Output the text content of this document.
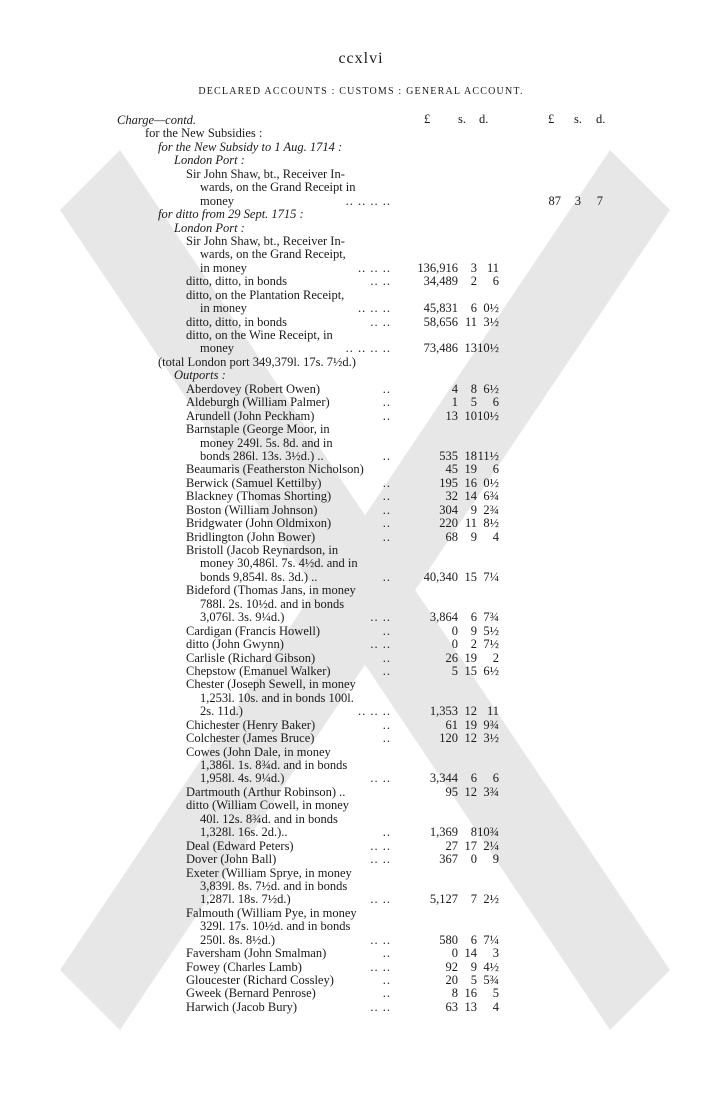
ccxlvi
DECLARED ACCOUNTS : CUSTOMS : GENERAL ACCOUNT.
£ s. d.	£ s. d.
Charge—contd.
for the New Subsidies :
for the New Subsidy to 1 Aug. 1714 :
London Port :
Sir John Shaw, bt., Receiver In-
wards, on the Grand Receipt in
money	.. .. .. ..	87 3 7
for ditto from 29 Sept. 1715 :
London Port :
Sir John Shaw, bt., Receiver In-
wards, on the Grand Receipt,
in money	.. .. .. 136,916 3 11
ditto, ditto, in bonds	.. ..	34,489 2 6
ditto, on the Plantation Receipt,
in money	.. .. ..	45,831 6 0½
ditto, ditto, in bonds	.. ..	58,656 11 3½
ditto, on the Wine Receipt, in
money	.. .. .. ..	73,486 13 10½
(total London port 349,379l. 17s. 7½d.)
Outports :
Aberdovey (Robert Owen)	..	4 8 6½
Aldeburgh (William Palmer)	..	1 5 6
Arundell (John Peckham)	..	13 10 10½
Barnstaple (George Moor, in
money 249l. 5s. 8d. and in
bonds 286l. 13s. 3½d.) ..	..	535 18 11½
Beaumaris (Featherston Nicholson)	45 19 6
Berwick (Samuel Kettilby)	..	195 16 0½
Blackney (Thomas Shorting)	..	32 14 6¾
Boston (William Johnson)	..	304 9 2¾
Bridgwater (John Oldmixon)	..	220 11 8½
Bridlington (John Bower)	..	68 9 4
Bristoll (Jacob Reynardson, in
money 30,486l. 7s. 4½d. and in
bonds 9,854l. 8s. 3d.) ..	..	40,340 15 7¼
Bideford (Thomas Jans, in money
788l. 2s. 10½d. and in bonds
3,076l. 3s. 9¼d.)	.. ..	3,864 6 7¾
Cardigan (Francis Howell)	..	0 9 5½
ditto (John Gwynn)	.. ..	0 2 7½
Carlisle (Richard Gibson)	..	26 19 2
Chepstow (Emanuel Walker)	..	5 15 6½
Chester (Joseph Sewell, in money
1,253l. 10s. and in bonds 100l.
2s. 11d.)	.. .. ..	1,353 12 11
Chichester (Henry Baker)	..	61 19 9¾
Colchester (James Bruce)	..	120 12 3½
Cowes (John Dale, in money
1,386l. 1s. 8¾d. and in bonds
1,958l. 4s. 9¼d.)	.. ..	3,344 6 6
Dartmouth (Arthur Robinson) ..	95 12 3¾
ditto (William Cowell, in money
40l. 12s. 8¾d. and in bonds
1,328l. 16s. 2d.)..	..	1,369 8 10¾
Deal (Edward Peters)	.. ..	27 17 2¼
Dover (John Ball)	.. ..	367 0 9
Exeter (William Sprye, in money
3,839l. 8s. 7½d. and in bonds
1,287l. 18s. 7½d.)	.. ..	5,127 7 2½
Falmouth (William Pye, in money
329l. 17s. 10½d. and in bonds
250l. 8s. 8½d.)	.. ..	580 6 7¼
Faversham (John Smalman)	..	0 14 3
Fowey (Charles Lamb)	.. ..	92 9 4½
Gloucester (Richard Cossley)	..	20 5 5¾
Gweek (Bernard Penrose)	..	8 16 5
Harwich (Jacob Bury)	.. ..	63 13 4
